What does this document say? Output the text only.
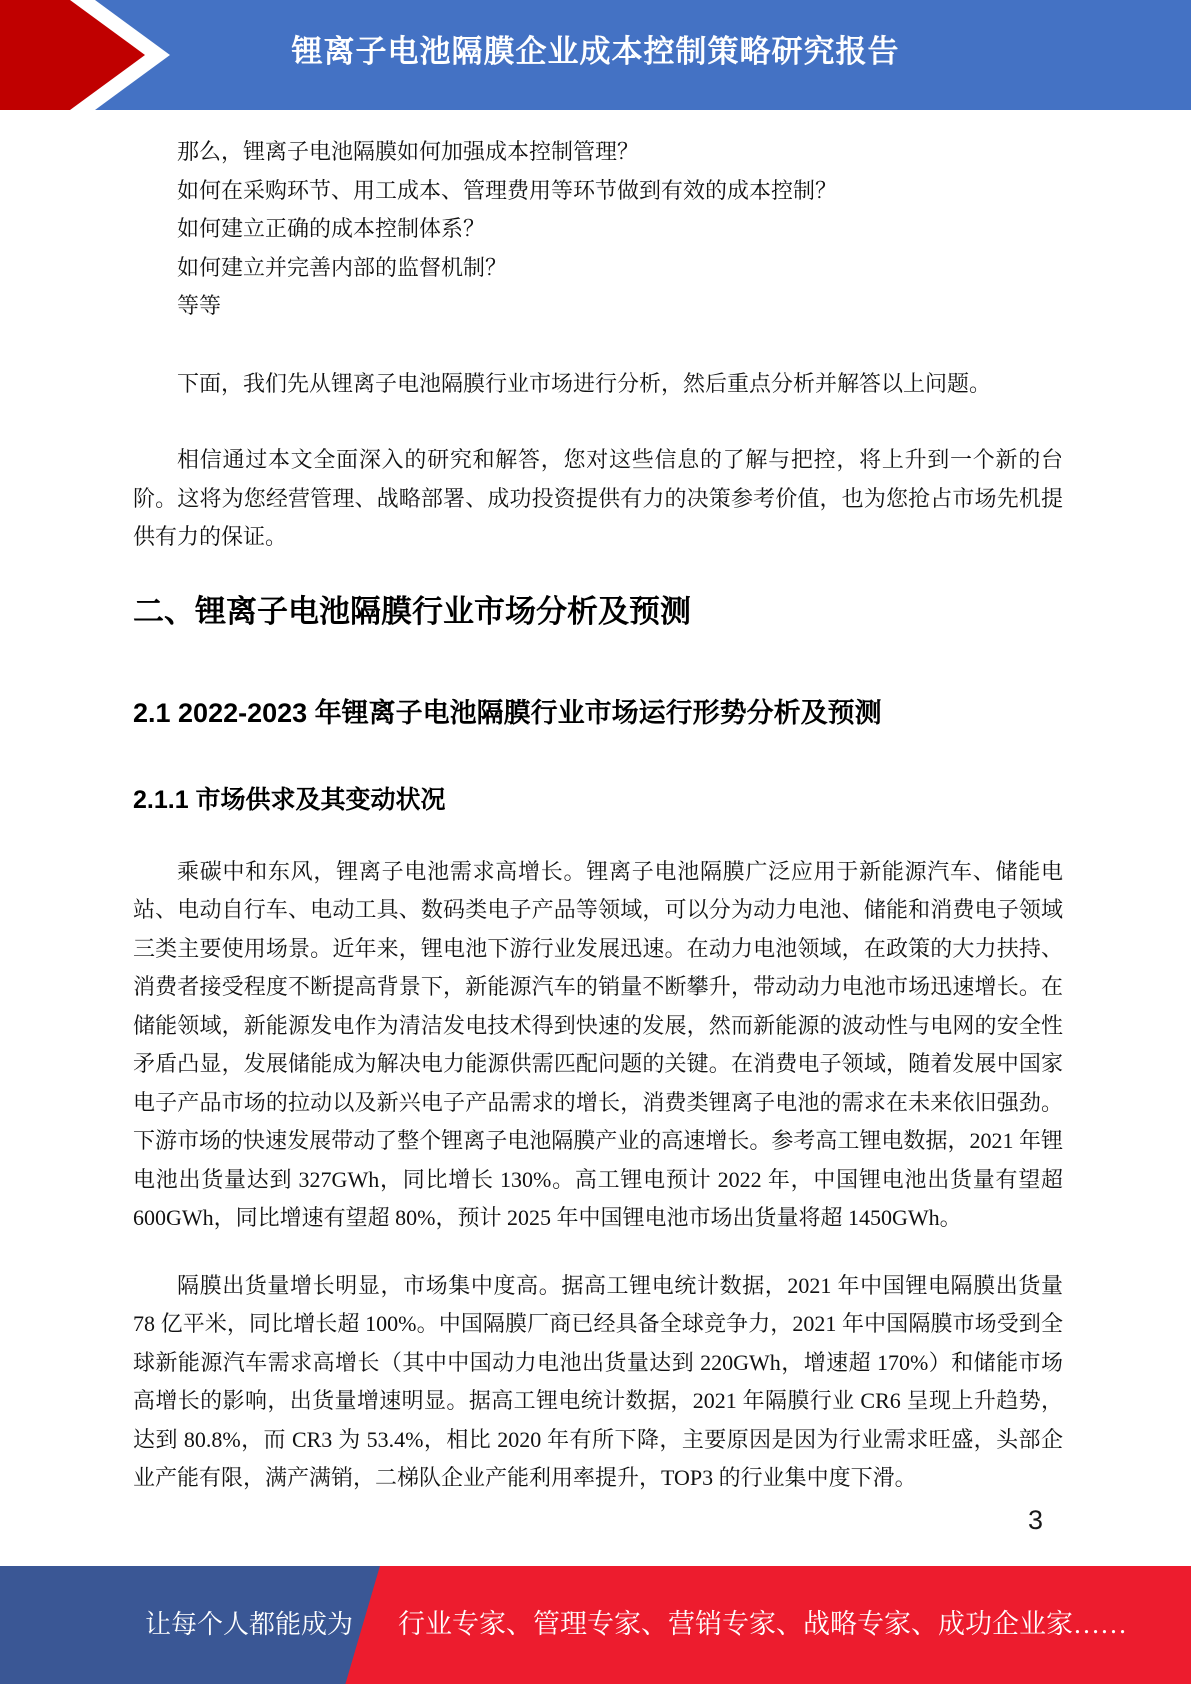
锂离子电池隔膜企业成本控制策略研究报告

那么，锂离子电池隔膜如何加强成本控制管理？

如何在采购环节、用工成本、管理费用等环节做到有效的成本控制？

如何建立正确的成本控制体系？

如何建立并完善内部的监督机制？

等等

下面，我们先从锂离子电池隔膜行业市场进行分析，然后重点分析并解答以上问题。

相信通过本文全面深入的研究和解答，您对这些信息的了解与把控，将上升到一个新的台阶。这将为您经营管理、战略部署、成功投资提供有力的决策参考价值，也为您抢占市场先机提供有力的保证。

二、锂离子电池隔膜行业市场分析及预测
2.1 2022-2023 年锂离子电池隔膜行业市场运行形势分析及预测
2.1.1 市场供求及其变动状况

乘碳中和东风，锂离子电池需求高增长。锂离子电池隔膜广泛应用于新能源汽车、储能电站、电动自行车、电动工具、数码类电子产品等领域，可以分为动力电池、储能和消费电子领域三类主要使用场景。近年来，锂电池下游行业发展迅速。在动力电池领域，在政策的大力扶持、消费者接受程度不断提高背景下，新能源汽车的销量不断攀升，带动动力电池市场迅速增长。在储能领域，新能源发电作为清洁发电技术得到快速的发展，然而新能源的波动性与电网的安全性矛盾凸显，发展储能成为解决电力能源供需匹配问题的关键。在消费电子领域，随着发展中国家电子产品市场的拉动以及新兴电子产品需求的增长，消费类锂离子电池的需求在未来依旧强劲。下游市场的快速发展带动了整个锂离子电池隔膜产业的高速增长。参考高工锂电数据，2021 年锂电池出货量达到 327GWh，同比增长 130%。高工锂电预计 2022 年，中国锂电池出货量有望超 600GWh，同比增速有望超 80%，预计 2025 年中国锂电池市场出货量将超 1450GWh。

隔膜出货量增长明显，市场集中度高。据高工锂电统计数据，2021 年中国锂电隔膜出货量 78 亿平米，同比增长超 100%。中国隔膜厂商已经具备全球竞争力，2021 年中国隔膜市场受到全球新能源汽车需求高增长（其中中国动力电池出货量达到 220GWh，增速超 170%）和储能市场高增长的影响，出货量增速明显。据高工锂电统计数据，2021 年隔膜行业 CR6 呈现上升趋势，达到 80.8%，而 CR3 为 53.4%，相比 2020 年有所下降，主要原因是因为行业需求旺盛，头部企业产能有限，满产满销，二梯队企业产能利用率提升，TOP3 的行业集中度下滑。

3
让每个人都能成为 行业专家、管理专家、营销专家、战略专家、成功企业家……
